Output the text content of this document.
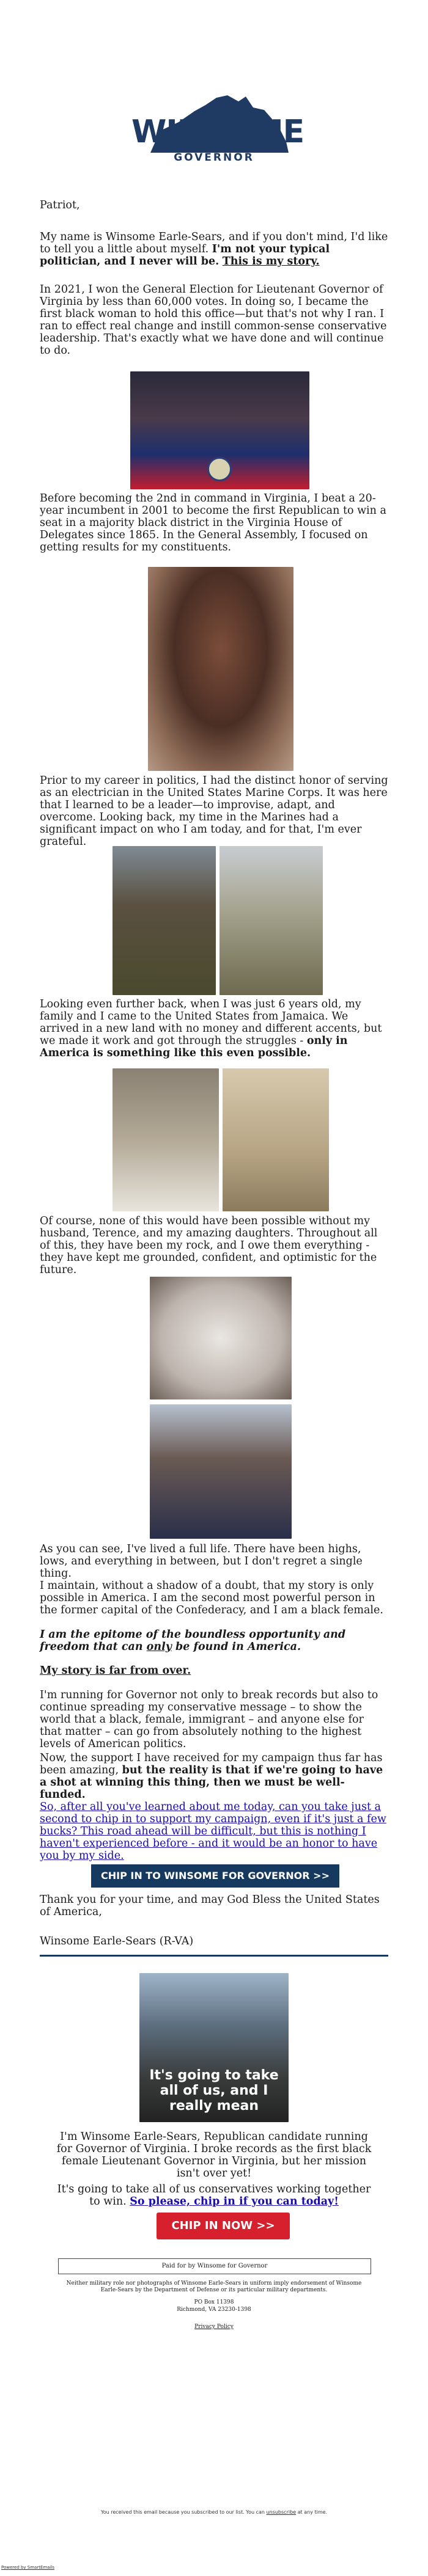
WINSOME
GOVERNOR

Patriot,

My name is Winsome Earle-Sears, and if you don't mind, I'd like to tell you a little about myself. I'm not your typical politician, and I never will be. This is my story.

In 2021, I won the General Election for Lieutenant Governor of Virginia by less than 60,000 votes. In doing so, I became the first black woman to hold this office—but that's not why I ran. I ran to effect real change and instill common-sense conservative leadership. That's exactly what we have done and will continue to do.

Before becoming the 2nd in command in Virginia, I beat a 20-year incumbent in 2001 to become the first Republican to win a seat in a majority black district in the Virginia House of Delegates since 1865. In the General Assembly, I focused on getting results for my constituents.

Prior to my career in politics, I had the distinct honor of serving as an electrician in the United States Marine Corps. It was here that I learned to be a leader—to improvise, adapt, and overcome. Looking back, my time in the Marines had a significant impact on who I am today, and for that, I'm ever grateful.

Looking even further back, when I was just 6 years old, my family and I came to the United States from Jamaica. We arrived in a new land with no money and different accents, but we made it work and got through the struggles - only in America is something like this even possible.

Of course, none of this would have been possible without my husband, Terence, and my amazing daughters. Throughout all of this, they have been my rock, and I owe them everything - they have kept me grounded, confident, and optimistic for the future.

As you can see, I've lived a full life. There have been highs, lows, and everything in between, but I don't regret a single thing.

I maintain, without a shadow of a doubt, that my story is only possible in America. I am the second most powerful person in the former capital of the Confederacy, and I am a black female.

I am the epitome of the boundless opportunity and freedom that can only be found in America.

My story is far from over.

I'm running for Governor not only to break records but also to continue spreading my conservative message – to show the world that a black, female, immigrant – and anyone else for that matter – can go from absolutely nothing to the highest levels of American politics.

Now, the support I have received for my campaign thus far has been amazing, but the reality is that if we're going to have a shot at winning this thing, then we must be well-funded.

So, after all you've learned about me today, can you take just a second to chip in to support my campaign, even if it's just a few bucks? This road ahead will be difficult, but this is nothing I haven't experienced before - and it would be an honor to have you by my side.

CHIP IN TO WINSOME FOR GOVERNOR >>

Thank you for your time, and may God Bless the United States of America,

Winsome Earle-Sears (R-VA)

It's going to take all of us, and I really mean

I'm Winsome Earle-Sears, Republican candidate running for Governor of Virginia. I broke records as the first black female Lieutenant Governor in Virginia, but her mission isn't over yet!

It's going to take all of us conservatives working together to win. So please, chip in if you can today!

CHIP IN NOW >>
Paid for by Winsome for Governor
Neither military role nor photographs of Winsome Earle-Sears in uniform imply endorsement of Winsome Earle-Sears by the Department of Defense or its particular military departments.
PO Box 11398
Richmond, VA 23230-1398
Privacy Policy
You received this email because you subscribed to our list. You can unsubscribe at any time.
Powered by SmartEmails
